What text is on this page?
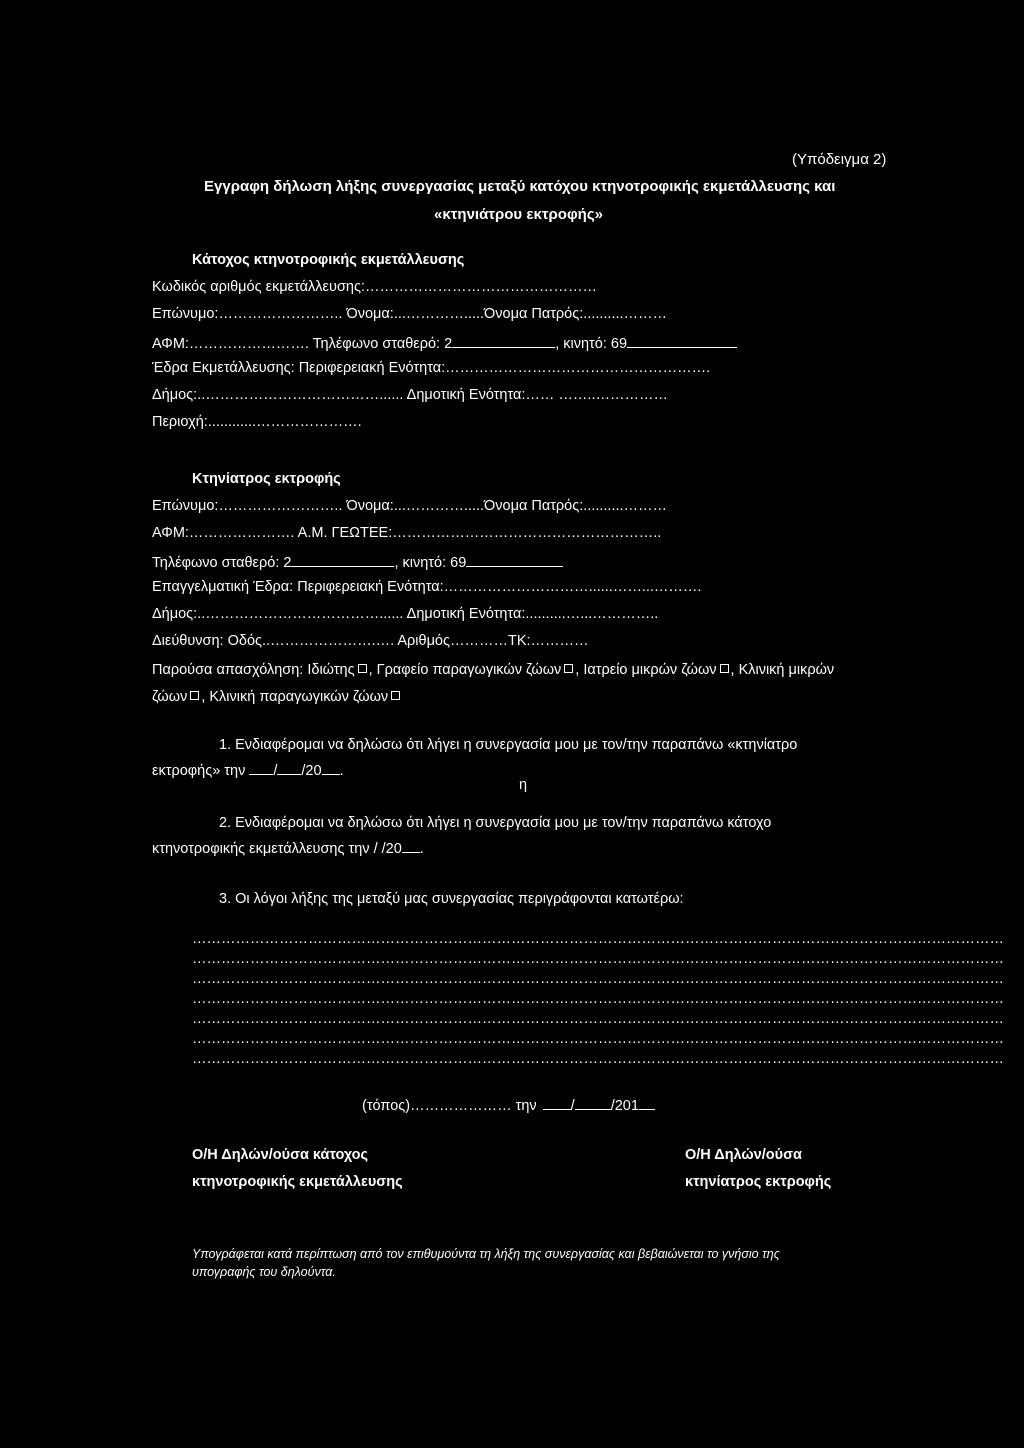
(Υπόδειγμα 2)
Εγγραφη δήλωση λήξης συνεργασίας μεταξύ κατόχου κτηνοτροφικής εκμετάλλευσης και
«κτηνιάτρου εκτροφής»
Κάτοχος κτηνοτροφικής εκμετάλλευσης
Κωδικός αριθμός εκμετάλλευσης:…………………………………………
Επώνυμο:…………………….. Όνομα:...………….....Όνομα Πατρός:..........………
ΑΦΜ:……………………. Τηλέφωνο σταθερό: 2	, κινητό: 69
Έδρα Εκμετάλλευσης: Περιφερειακή Ενότητα:……………………………………………….
Δήμος:..………………………………...... Δημοτική Ενότητα:…… ……..……………
Περιοχή:............………………….
Κτηνίατρος εκτροφής
Επώνυμο:…………………….. Όνομα:...………….....Όνομα Πατρός:..........………
ΑΦΜ:…………………. Α.Μ. ΓΕΩΤΕΕ:………………………………………………..
Τηλέφωνο σταθερό: 2	, κινητό: 69
Επαγγελματική Έδρα: Περιφερειακή Ενότητα:…………………………......……...……….
Δήμος:..………………………………...... Δημοτική Ενότητα:..........…...…………..
Διεύθυνση: Οδός..………………….…. Αριθμός…………ΤΚ:…………
Παρούσα απασχόληση: Ιδιώτης , Γραφείο παραγωγικών ζώων , Ιατρείο μικρών ζώων , Κλινική μικρών
ζώων , Κλινική παραγωγικών ζώων
1. Ενδιαφέρομαι να δηλώσω ότι λήγει η συνεργασία μου με τον/την παραπάνω «κτηνίατρο
εκτροφής» την / /20 .
η
2. Ενδιαφέρομαι να δηλώσω ότι λήγει η συνεργασία μου με τον/την παραπάνω κάτοχο
κτηνοτροφικής εκμετάλλευσης την / /20 .
3. Οι λόγοι λήξης της μεταξύ μας συνεργασίας περιγράφονται κατωτέρω:
……………………………………………………………………………………………………………………………………………………
……………………………………………………………………………………………………………………………………………………
……………………………………………………………………………………………………………………………………………………
……………………………………………………………………………………………………………………………………………………
……………………………………………………………………………………………………………………………………………………
……………………………………………………………………………………………………………………………………………………
……………………………………………………………………………………………………………………………………………………
(τόπος)………………… την / /201
Ο/Η Δηλών/ούσα κάτοχος
κτηνοτροφικής εκμετάλλευσης
Ο/Η Δηλών/ούσα
κτηνίατρος εκτροφής
Υπογράφεται κατά περίπτωση από τον επιθυμούντα τη λήξη της συνεργασίας και βεβαιώνεται το γνήσιο της
υπογραφής του δηλούντα.
